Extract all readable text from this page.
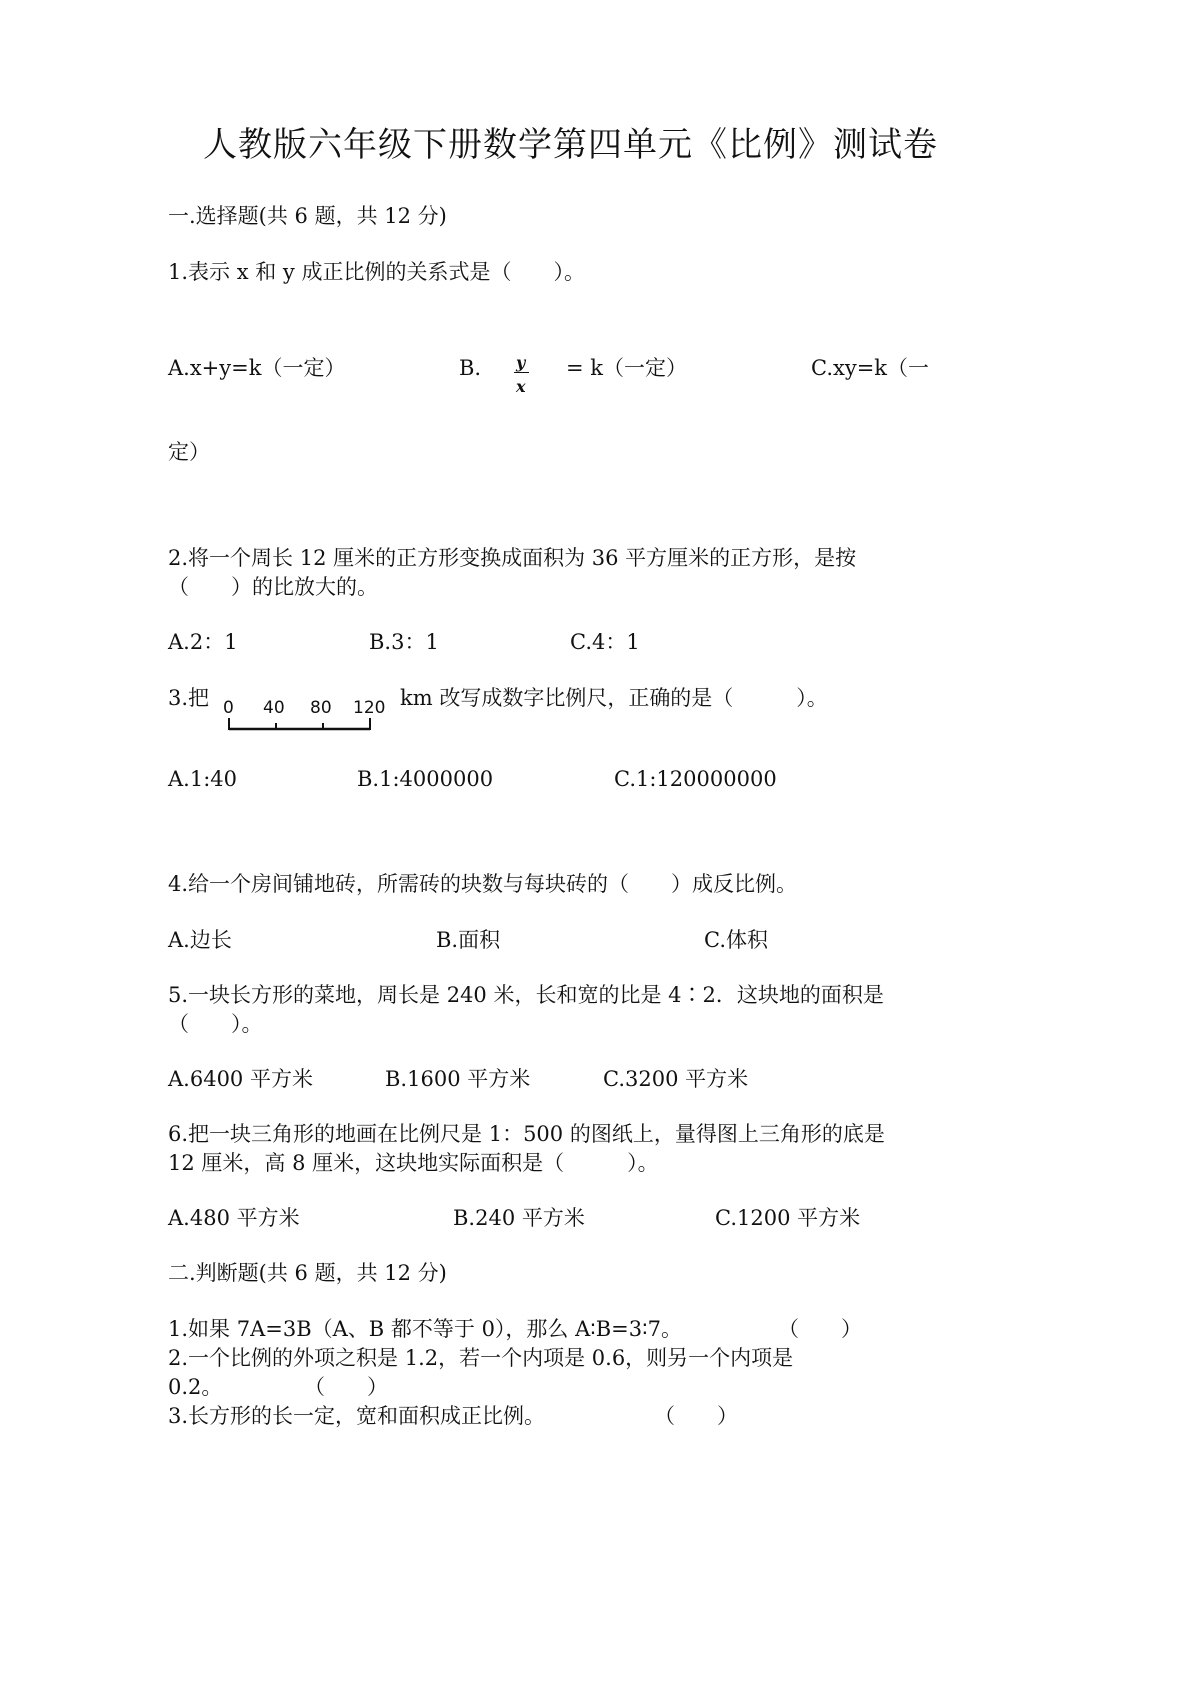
人教版六年级下册数学第四单元《比例》测试卷
一.选择题(共 6 题，共 12 分)
1.表示 x 和 y 成正比例的关系式是（　　）。
A.x+y=k（一定）	B. y
x
= k（一定）	C.xy=k（一
定）
2.将一个周长 12 厘米的正方形变换成面积为 36 平方厘米的正方形，是按
（　　）的比放大的。
A.2：1	B.3：1	C.4：1
3.把 0 40 80 120 km 改写成数字比例尺，正确的是（　　　）。
A.1:40	B.1:4000000	C.1:120000000
4.给一个房间铺地砖，所需砖的块数与每块砖的（　　）成反比例。
A.边长	B.面积	C.体积
5.一块长方形的菜地，周长是 240 米，长和宽的比是 4∶2．这块地的面积是
（　　）。
A.6400 平方米	B.1600 平方米	C.3200 平方米
6.把一块三角形的地画在比例尺是 1：500 的图纸上，量得图上三角形的底是
12 厘米，高 8 厘米，这块地实际面积是（　　　）。
A.480 平方米	B.240 平方米	C.1200 平方米
二.判断题(共 6 题，共 12 分)
1.如果 7A=3B（A、B 都不等于 0），那么 A∶B=3∶7。	（　　）
2.一个比例的外项之积是 1.2，若一个内项是 0.6，则另一个内项是
0.2。	（　　）
3.长方形的长一定，宽和面积成正比例。	（　　）
